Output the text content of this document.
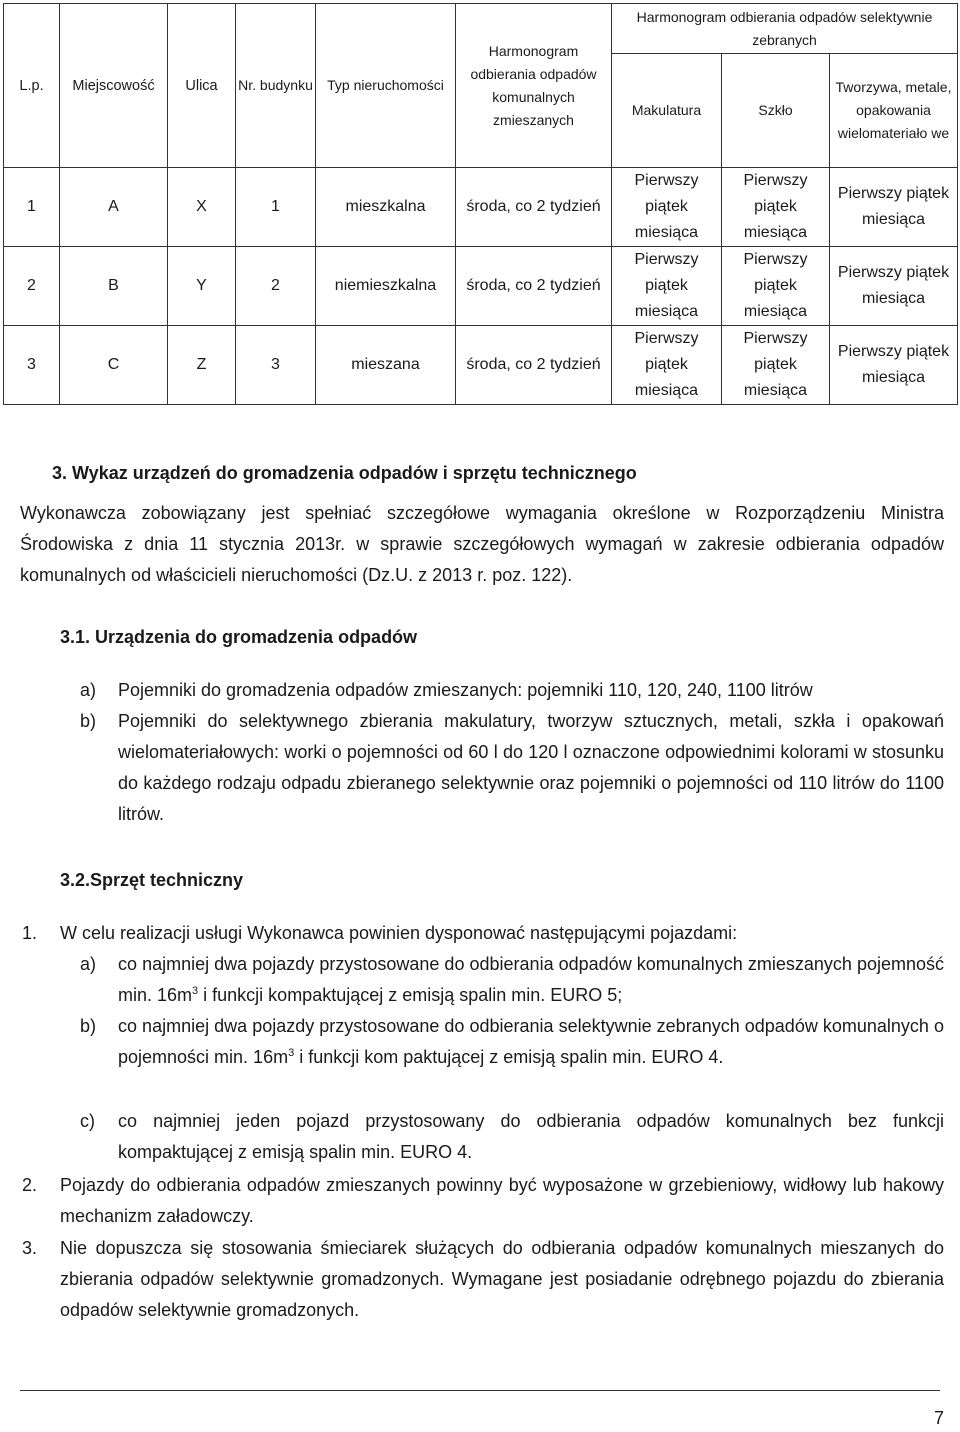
L.p.	Miejscowość	Ulica	Nr. budynku	Typ nieruchomości	Harmonogram odbierania odpadów komunalnych zmieszanych	Harmonogram odbierania odpadów selektywnie zebranych		
						Makulatura	Szkło	Tworzywa, metale, opakowania wielomateriało we
1	A	X	1	mieszkalna	środa, co 2 tydzień	Pierwszy piątek miesiąca	Pierwszy piątek miesiąca	Pierwszy piątek miesiąca
2	B	Y	2	niemieszkalna	środa, co 2 tydzień	Pierwszy piątek miesiąca	Pierwszy piątek miesiąca	Pierwszy piątek miesiąca
3	C	Z	3	mieszana	środa, co 2 tydzień	Pierwszy piątek miesiąca	Pierwszy piątek miesiąca	Pierwszy piątek miesiąca
3. Wykaz urządzeń do gromadzenia odpadów i sprzętu technicznego
Wykonawcza zobowiązany jest spełniać szczegółowe wymagania określone w Rozporządzeniu Ministra Środowiska z dnia 11 stycznia 2013r. w sprawie szczegółowych wymagań w zakresie odbierania odpadów komunalnych od właścicieli nieruchomości (Dz.U. z 2013 r. poz. 122).
3.1. Urządzenia do gromadzenia odpadów
a) Pojemniki do gromadzenia odpadów zmieszanych: pojemniki 110, 120, 240, 1100 litrów
b) Pojemniki do selektywnego zbierania makulatury, tworzyw sztucznych, metali, szkła i opakowań wielomateriałowych: worki o pojemności od 60 l do 120 l oznaczone odpowiednimi kolorami w stosunku do każdego rodzaju odpadu zbieranego selektywnie oraz pojemniki o pojemności od 110 litrów do 1100 litrów.
3.2.Sprzęt techniczny
1. W celu realizacji usługi Wykonawca powinien dysponować następującymi pojazdami:
a) co najmniej dwa pojazdy przystosowane do odbierania odpadów komunalnych zmieszanych pojemność min. $16m^3$ i funkcji kompaktującej z emisją spalin min. EURO 5;
b) co najmniej dwa pojazdy przystosowane do odbierania selektywnie zebranych odpadów komunalnych o pojemności min. $16m^3$ i funkcji kom paktującej z emisją spalin min. EURO 4.
c) co najmniej jeden pojazd przystosowany do odbierania odpadów komunalnych bez funkcji kompaktującej z emisją spalin min. EURO 4.
2. Pojazdy do odbierania odpadów zmieszanych powinny być wyposażone w grzebieniowy, widłowy lub hakowy mechanizm załadowczy.
3. Nie dopuszcza się stosowania śmieciarek służących do odbierania odpadów komunalnych mieszanych do zbierania odpadów selektywnie gromadzonych. Wymagane jest posiadanie odrębnego pojazdu do zbierania odpadów selektywnie gromadzonych.
7
